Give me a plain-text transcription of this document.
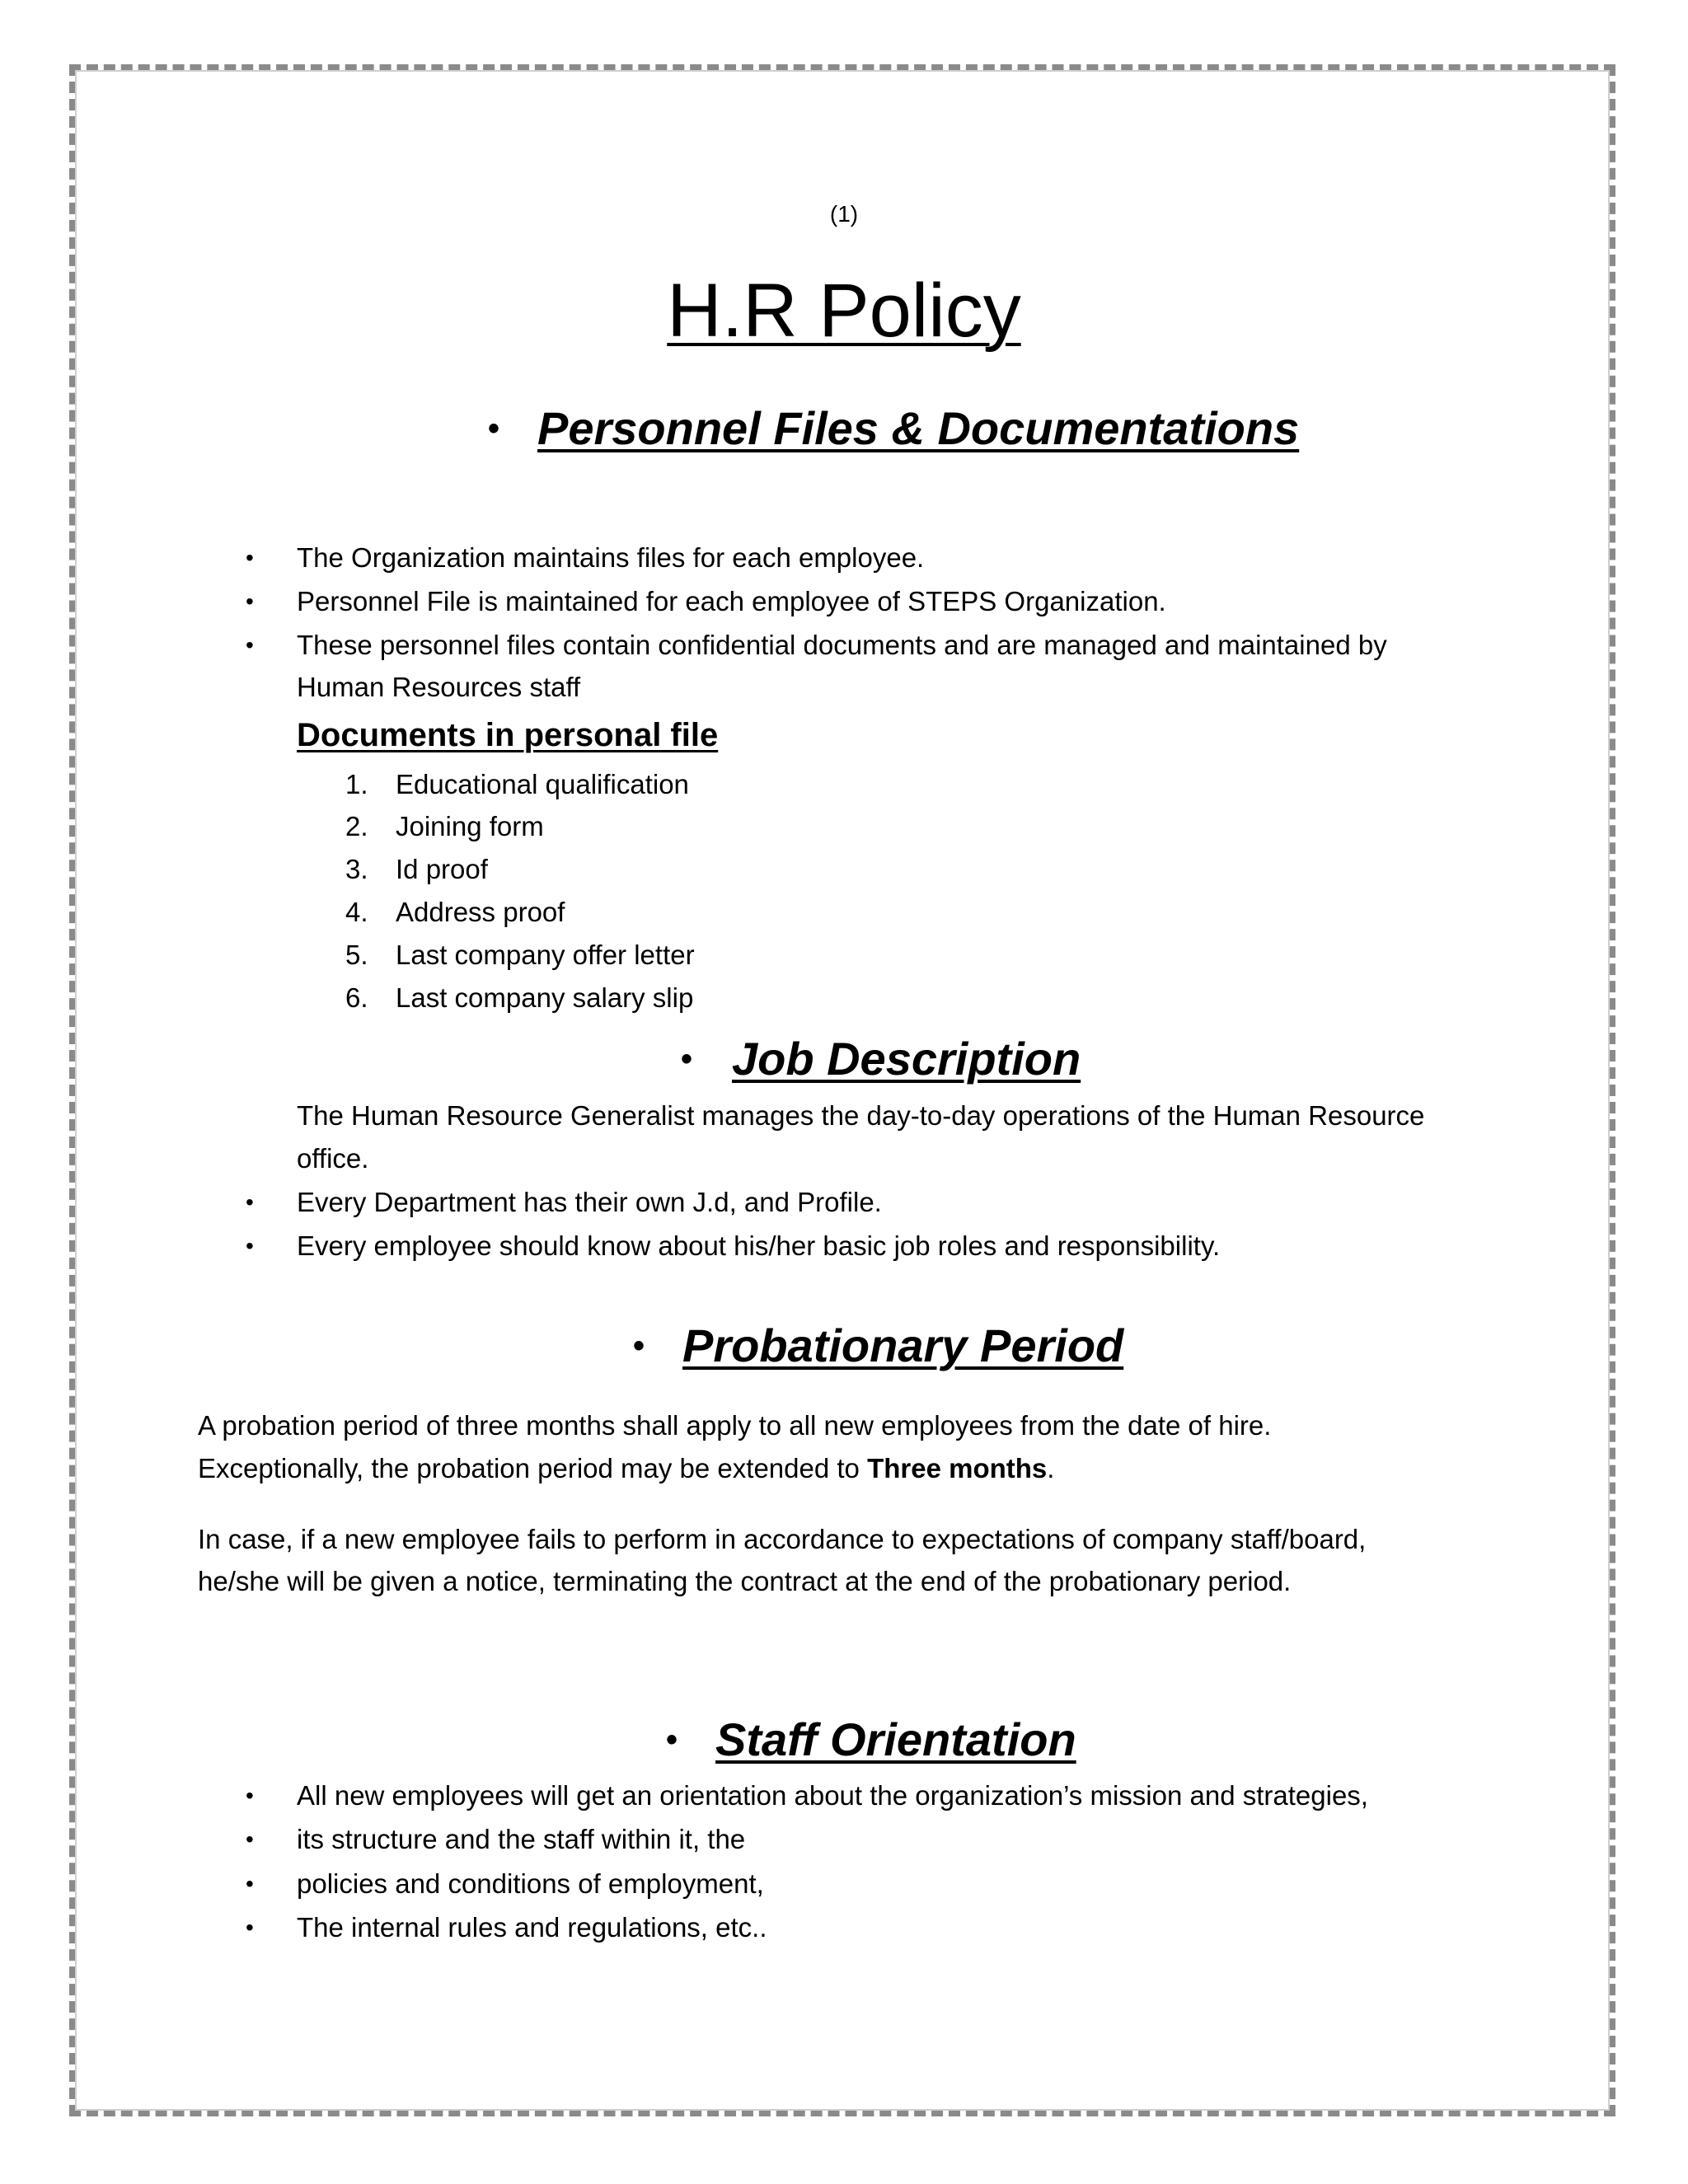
(1)
H.R Policy
• Personnel Files & Documentations
• The Organization maintains files for each employee.
• Personnel File is maintained for each employee of STEPS Organization.
• These personnel files contain confidential documents and are managed and maintained by
Human Resources staff
Documents in personal file
1. Educational qualification
2. Joining form
3. Id proof
4. Address proof
5. Last company offer letter
6. Last company salary slip
• Job Description
The Human Resource Generalist manages the day-to-day operations of the Human Resource
office.
• Every Department has their own J.d, and Profile.
• Every employee should know about his/her basic job roles and responsibility.
• Probationary Period
A probation period of three months shall apply to all new employees from the date of hire.
Exceptionally, the probation period may be extended to Three months.
In case, if a new employee fails to perform in accordance to expectations of company staff/board,
he/she will be given a notice, terminating the contract at the end of the probationary period.
• Staff Orientation
• All new employees will get an orientation about the organization’s mission and strategies,
• its structure and the staff within it, the
• policies and conditions of employment,
• The internal rules and regulations, etc..
